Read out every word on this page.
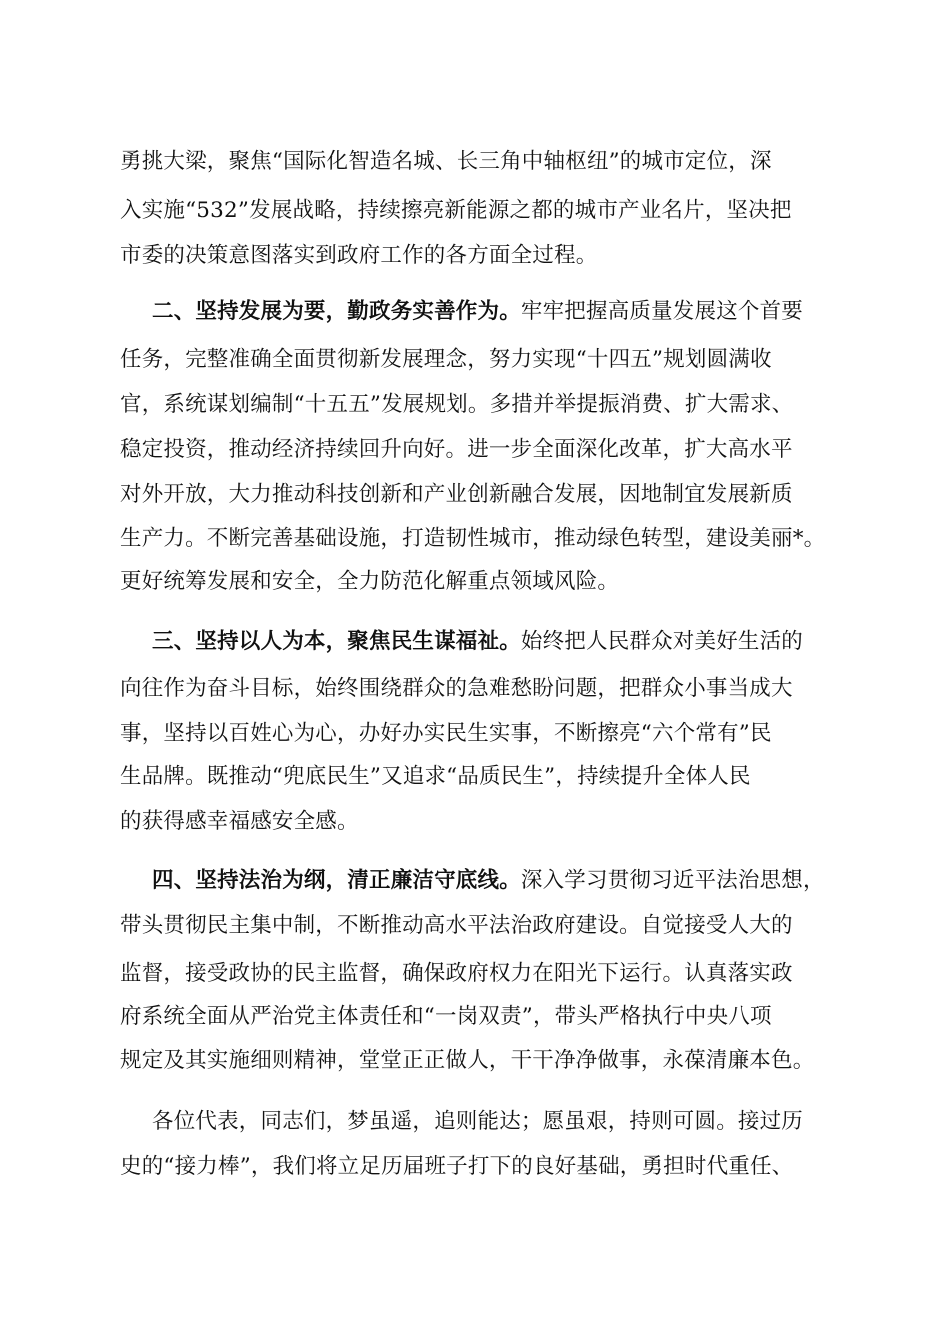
勇挑大梁，聚焦“国际化智造名城、长三角中轴枢纽”的城市定位，深
入实施“532”发展战略，持续擦亮新能源之都的城市产业名片，坚决把
市委的决策意图落实到政府工作的各方面全过程。
二、坚持发展为要，勤政务实善作为。牢牢把握高质量发展这个首要
任务，完整准确全面贯彻新发展理念，努力实现“十四五”规划圆满收
官，系统谋划编制“十五五”发展规划。多措并举提振消费、扩大需求、
稳定投资，推动经济持续回升向好。进一步全面深化改革，扩大高水平
对外开放，大力推动科技创新和产业创新融合发展，因地制宜发展新质
生产力。不断完善基础设施，打造韧性城市，推动绿色转型，建设美丽*。
更好统筹发展和安全，全力防范化解重点领域风险。
三、坚持以人为本，聚焦民生谋福祉。始终把人民群众对美好生活的
向往作为奋斗目标，始终围绕群众的急难愁盼问题，把群众小事当成大
事，坚持以百姓心为心，办好办实民生实事，不断擦亮“六个常有”民
生品牌。既推动“兜底民生”又追求“品质民生”，持续提升全体人民
的获得感幸福感安全感。
四、坚持法治为纲，清正廉洁守底线。深入学习贯彻习近平法治思想，
带头贯彻民主集中制，不断推动高水平法治政府建设。自觉接受人大的
监督，接受政协的民主监督，确保政府权力在阳光下运行。认真落实政
府系统全面从严治党主体责任和“一岗双责”，带头严格执行中央八项
规定及其实施细则精神，堂堂正正做人，干干净净做事，永葆清廉本色。
各位代表，同志们，梦虽遥，追则能达；愿虽艰，持则可圆。接过历
史的“接力棒”，我们将立足历届班子打下的良好基础，勇担时代重任、
